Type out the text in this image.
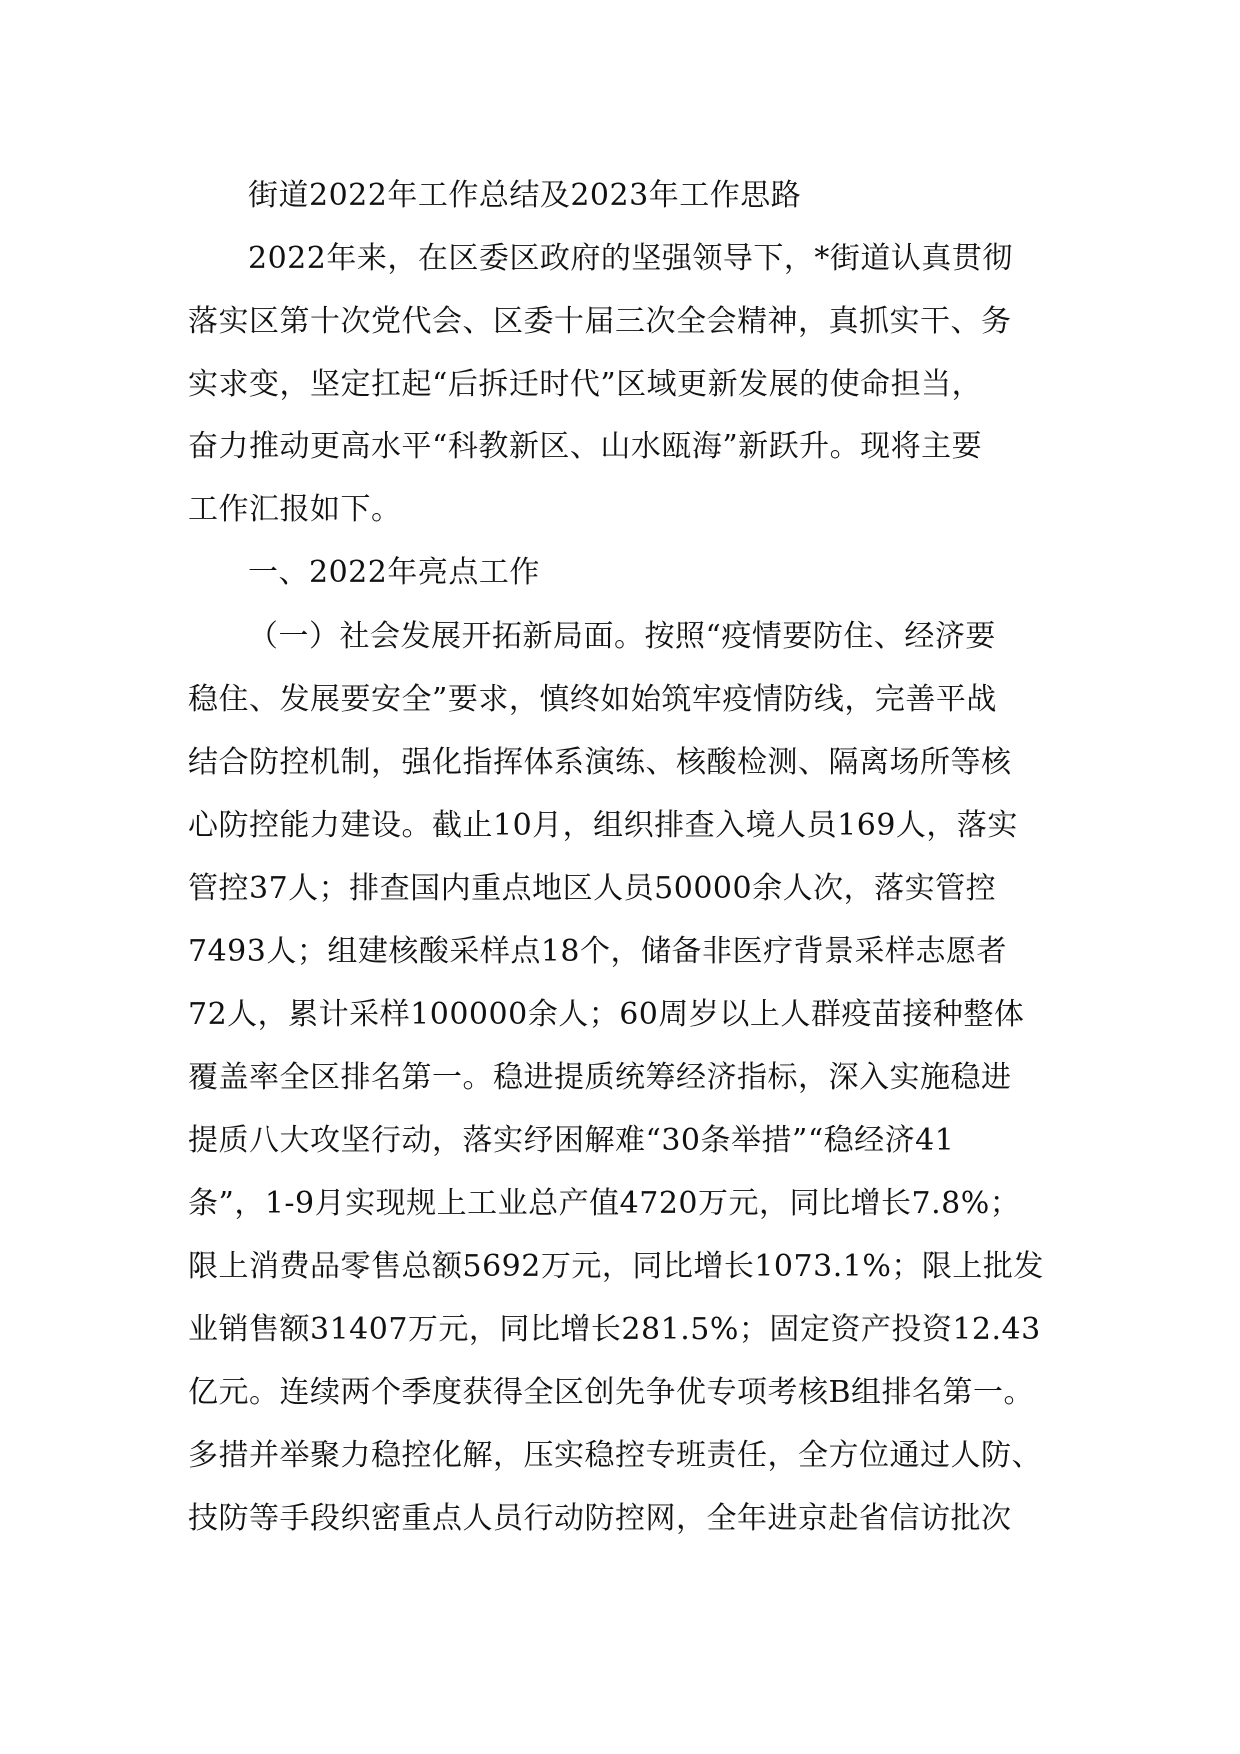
街道2022年工作总结及2023年工作思路
2022年来，在区委区政府的坚强领导下，*街道认真贯彻
落实区第十次党代会、区委十届三次全会精神，真抓实干、务
实求变，坚定扛起“后拆迁时代”区域更新发展的使命担当，
奋力推动更高水平“科教新区、山水瓯海”新跃升。现将主要
工作汇报如下。
一、2022年亮点工作
（一）社会发展开拓新局面。按照“疫情要防住、经济要
稳住、发展要安全”要求，慎终如始筑牢疫情防线，完善平战
结合防控机制，强化指挥体系演练、核酸检测、隔离场所等核
心防控能力建设。截止10月，组织排查入境人员169人，落实
管控37人；排查国内重点地区人员50000余人次，落实管控
7493人；组建核酸采样点18个，储备非医疗背景采样志愿者
72人，累计采样100000余人；60周岁以上人群疫苗接种整体
覆盖率全区排名第一。稳进提质统筹经济指标，深入实施稳进
提质八大攻坚行动，落实纾困解难“30条举措”“稳经济41
条”，1-9月实现规上工业总产值4720万元，同比增长7.8%；
限上消费品零售总额5692万元，同比增长1073.1%；限上批发
业销售额31407万元，同比增长281.5%；固定资产投资12.43
亿元。连续两个季度获得全区创先争优专项考核B组排名第一。
多措并举聚力稳控化解，压实稳控专班责任，全方位通过人防、
技防等手段织密重点人员行动防控网，全年进京赴省信访批次
